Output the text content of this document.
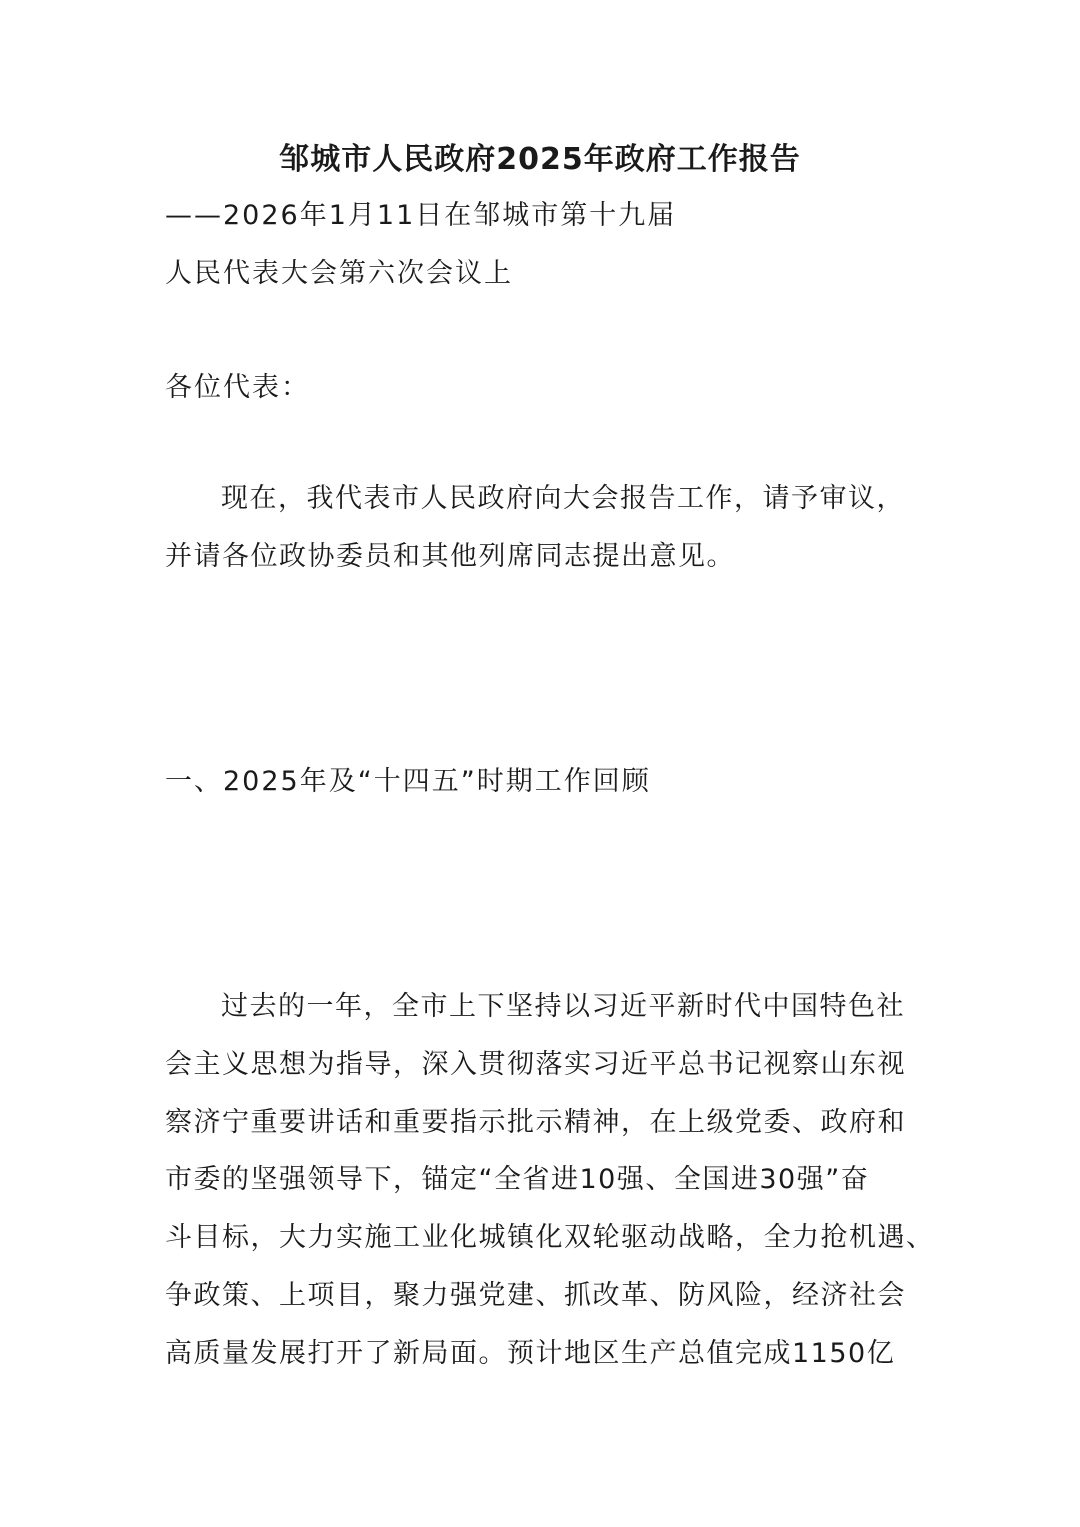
邹城市人民政府2025年政府工作报告
——2026年1月11日在邹城市第十九届
人民代表大会第六次会议上
各位代表：
现在，我代表市人民政府向大会报告工作，请予审议，
并请各位政协委员和其他列席同志提出意见。
一、2025年及“十四五”时期工作回顾
过去的一年，全市上下坚持以习近平新时代中国特色社
会主义思想为指导，深入贯彻落实习近平总书记视察山东视
察济宁重要讲话和重要指示批示精神，在上级党委、政府和
市委的坚强领导下，锚定“全省进10强、全国进30强”奋
斗目标，大力实施工业化城镇化双轮驱动战略，全力抢机遇、
争政策、上项目，聚力强党建、抓改革、防风险，经济社会
高质量发展打开了新局面。预计地区生产总值完成1150亿
